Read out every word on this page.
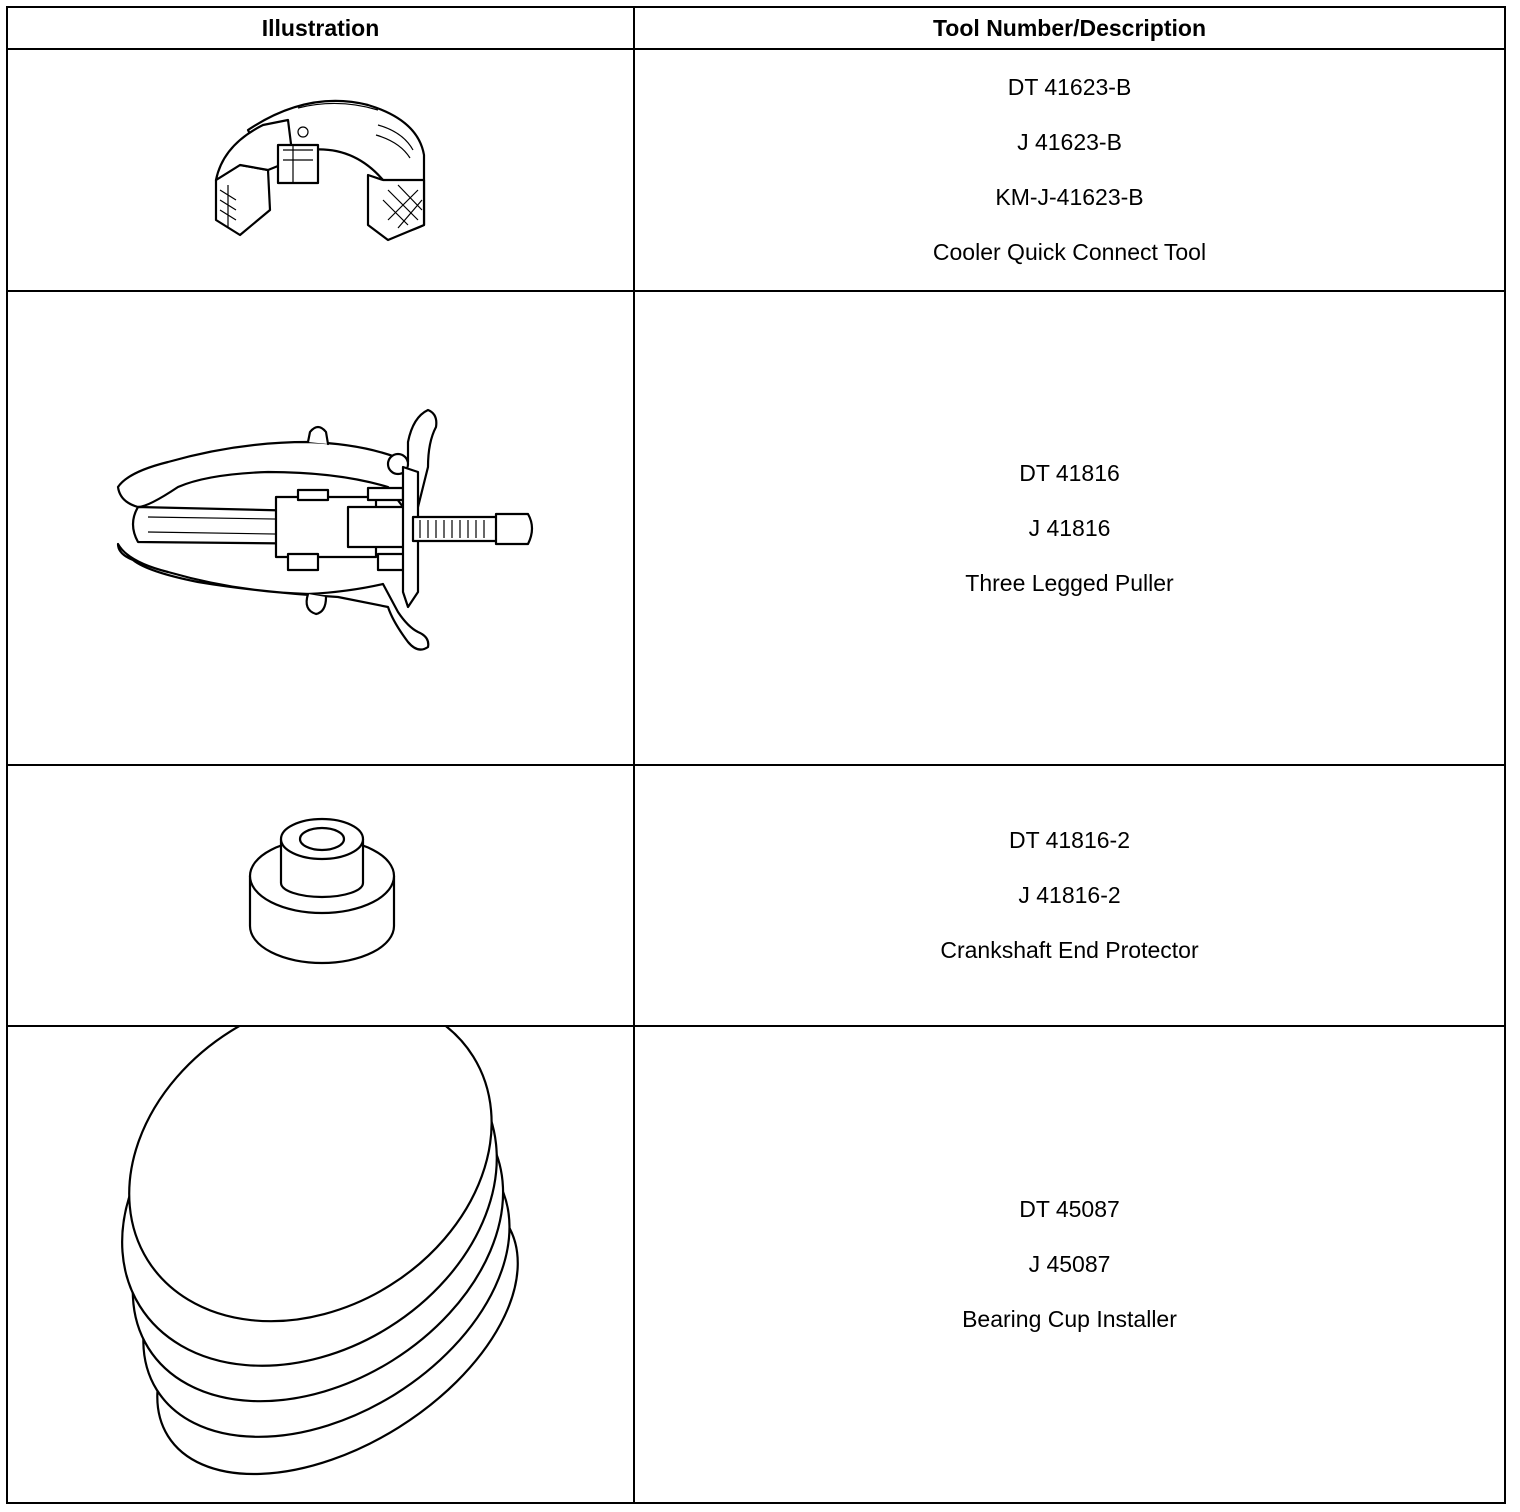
Illustration	Tool Number/Description
DT 41623-B
J 41623-B
KM-J-41623-B
Cooler Quick Connect Tool
DT 41816
J 41816
Three Legged Puller
DT 41816-2
J 41816-2
Crankshaft End Protector
DT 45087
J 45087
Bearing Cup Installer
